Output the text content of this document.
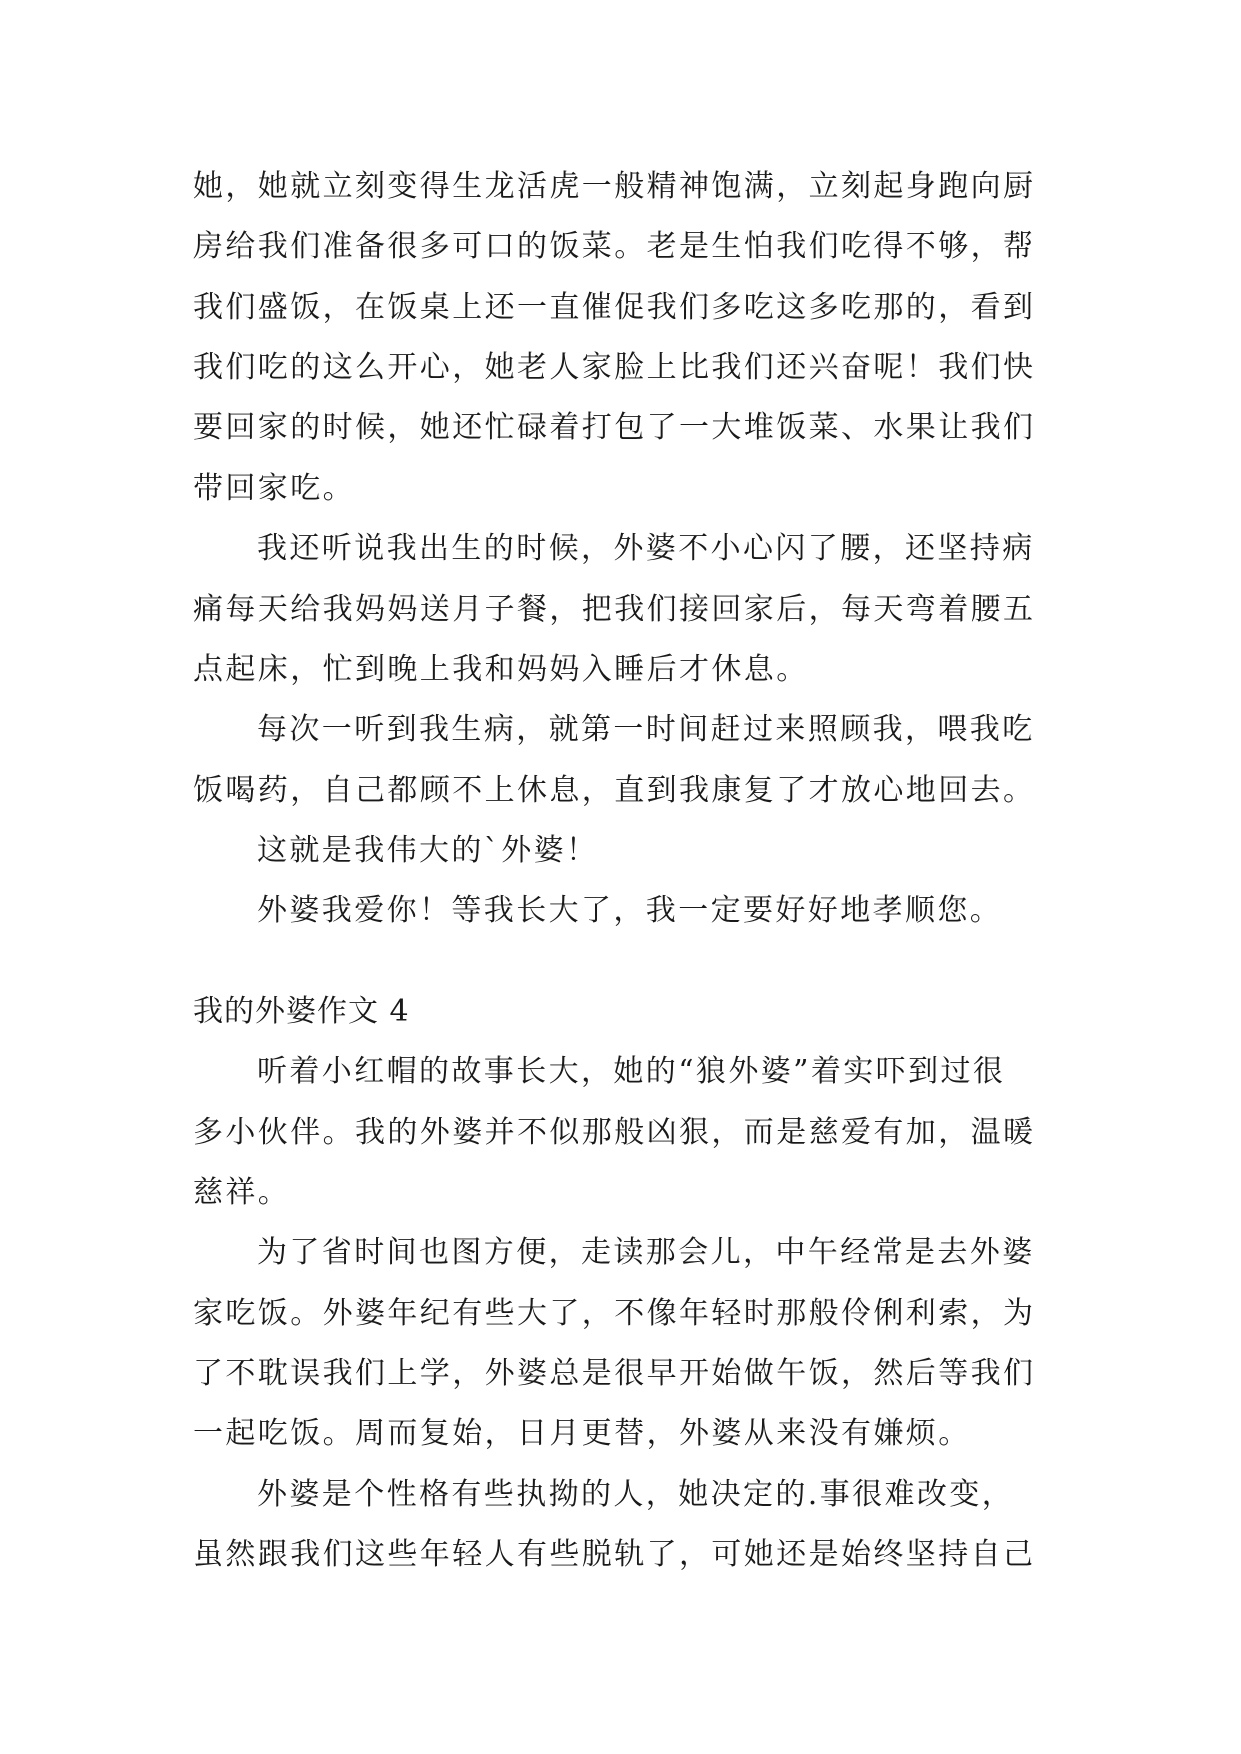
她，她就立刻变得生龙活虎一般精神饱满，立刻起身跑向厨
房给我们准备很多可口的饭菜。老是生怕我们吃得不够，帮
我们盛饭，在饭桌上还一直催促我们多吃这多吃那的，看到
我们吃的这么开心，她老人家脸上比我们还兴奋呢！我们快
要回家的时候，她还忙碌着打包了一大堆饭菜、水果让我们
带回家吃。
我还听说我出生的时候，外婆不小心闪了腰，还坚持病
痛每天给我妈妈送月子餐，把我们接回家后，每天弯着腰五
点起床，忙到晚上我和妈妈入睡后才休息。
每次一听到我生病，就第一时间赶过来照顾我，喂我吃
饭喝药，自己都顾不上休息，直到我康复了才放心地回去。
这就是我伟大的`外婆！
外婆我爱你！等我长大了，我一定要好好地孝顺您。
我的外婆作文 4
听着小红帽的故事长大，她的“狼外婆”着实吓到过很
多小伙伴。我的外婆并不似那般凶狠，而是慈爱有加，温暖
慈祥。
为了省时间也图方便，走读那会儿，中午经常是去外婆
家吃饭。外婆年纪有些大了，不像年轻时那般伶俐利索，为
了不耽误我们上学，外婆总是很早开始做午饭，然后等我们
一起吃饭。周而复始，日月更替，外婆从来没有嫌烦。
外婆是个性格有些执拗的人，她决定的.事很难改变，
虽然跟我们这些年轻人有些脱轨了，可她还是始终坚持自己
